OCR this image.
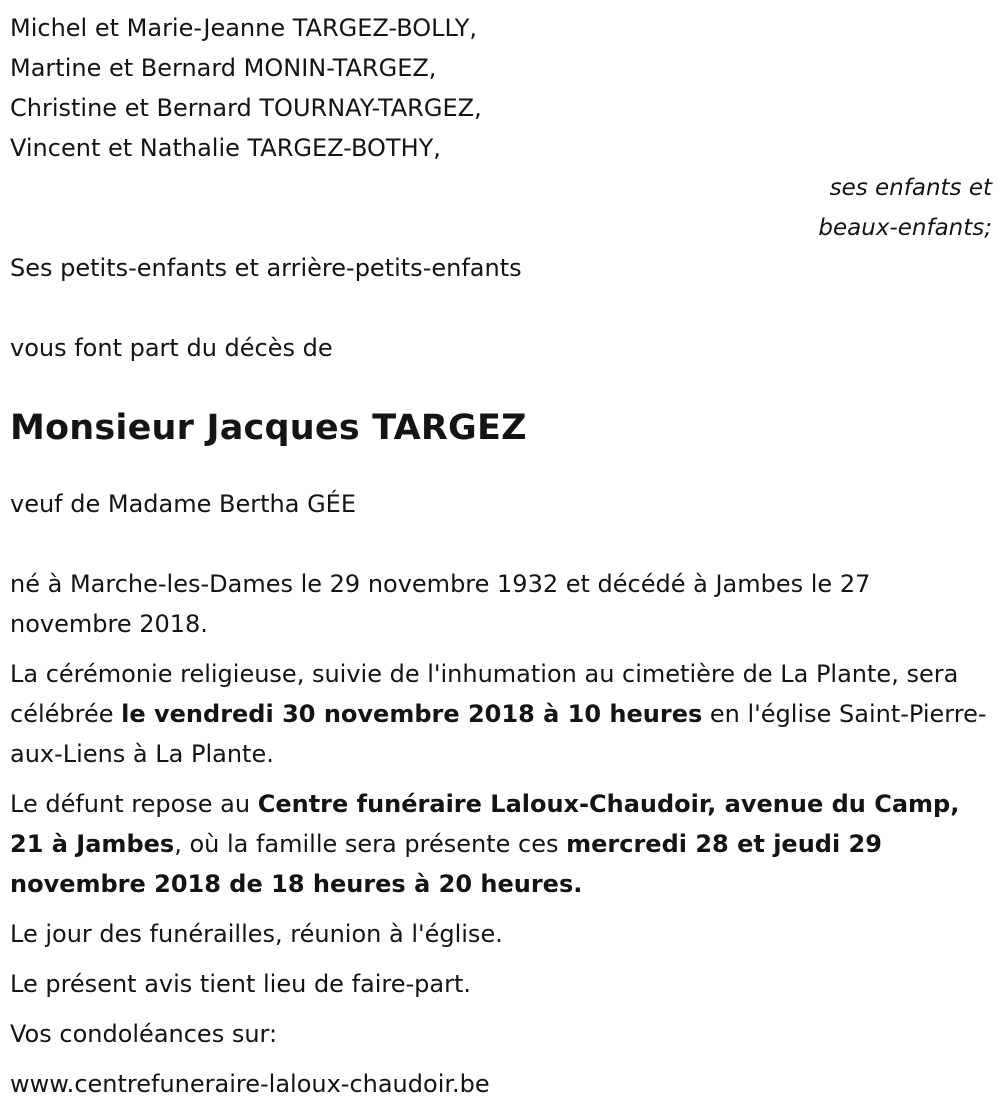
Michel et Marie-Jeanne TARGEZ-BOLLY,

Martine et Bernard MONIN-TARGEZ,

Christine et Bernard TOURNAY-TARGEZ,

Vincent et Nathalie TARGEZ-BOTHY,

ses enfants et

beaux-enfants;

Ses petits-enfants et arrière-petits-enfants

vous font part du décès de

Monsieur Jacques TARGEZ

veuf de Madame Bertha GÉE

né à Marche-les-Dames le 29 novembre 1932 et décédé à Jambes le 27 novembre 2018.

La cérémonie religieuse, suivie de l'inhumation au cimetière de La Plante, sera célébrée le vendredi 30 novembre 2018 à 10 heures en l'église Saint-Pierre-aux-Liens à La Plante.

Le défunt repose au Centre funéraire Laloux-Chaudoir, avenue du Camp, 21 à Jambes, où la famille sera présente ces mercredi 28 et jeudi 29 novembre 2018 de 18 heures à 20 heures.

Le jour des funérailles, réunion à l'église.

Le présent avis tient lieu de faire-part.

Vos condoléances sur:

www.centrefuneraire-laloux-chaudoir.be
